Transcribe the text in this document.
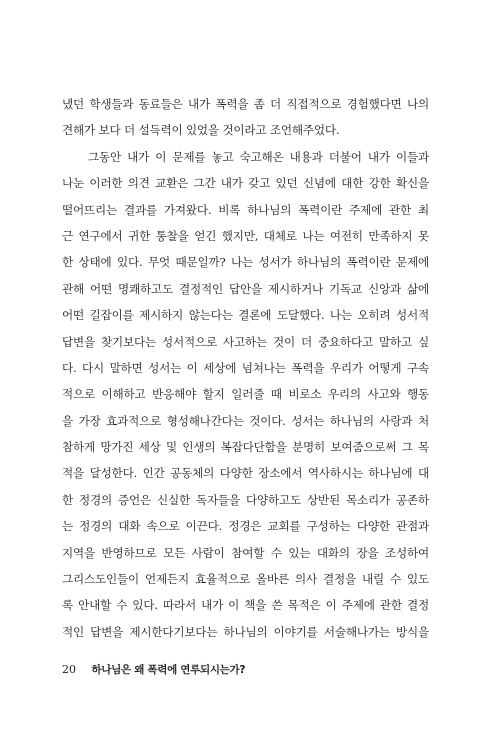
냈던 학생들과 동료들은 내가 폭력을 좀 더 직접적으로 경험했다면 나의
견해가 보다 더 설득력이 있었을 것이라고 조언해주었다.
그동안 내가 이 문제를 놓고 숙고해온 내용과 더불어 내가 이들과
나눈 이러한 의견 교환은 그간 내가 갖고 있던 신념에 대한 강한 확신을
떨어뜨리는 결과를 가져왔다. 비록 하나님의 폭력이란 주제에 관한 최
근 연구에서 귀한 통찰을 얻긴 했지만, 대체로 나는 여전히 만족하지 못
한 상태에 있다. 무엇 때문일까? 나는 성서가 하나님의 폭력이란 문제에
관해 어떤 명쾌하고도 결정적인 답안을 제시하거나 기독교 신앙과 삶에
어떤 길잡이를 제시하지 않는다는 결론에 도달했다. 나는 오히려 성서적
답변을 찾기보다는 성서적으로 사고하는 것이 더 중요하다고 말하고 싶
다. 다시 말하면 성서는 이 세상에 넘쳐나는 폭력을 우리가 어떻게 구속
적으로 이해하고 반응해야 할지 일러줄 때 비로소 우리의 사고와 행동
을 가장 효과적으로 형성해나간다는 것이다. 성서는 하나님의 사랑과 처
참하게 망가진 세상 및 인생의 복잡다단함을 분명히 보여줌으로써 그 목
적을 달성한다. 인간 공동체의 다양한 장소에서 역사하시는 하나님에 대
한 정경의 증언은 신실한 독자들을 다양하고도 상반된 목소리가 공존하
는 정경의 대화 속으로 이끈다. 정경은 교회를 구성하는 다양한 관점과
지역을 반영하므로 모든 사람이 참여할 수 있는 대화의 장을 조성하여
그리스도인들이 언제든지 효율적으로 올바른 의사 결정을 내릴 수 있도
록 안내할 수 있다. 따라서 내가 이 책을 쓴 목적은 이 주제에 관한 결정
적인 답변을 제시한다기보다는 하나님의 이야기를 서술해나가는 방식을
20 하나님은 왜 폭력에 연루되시는가?
